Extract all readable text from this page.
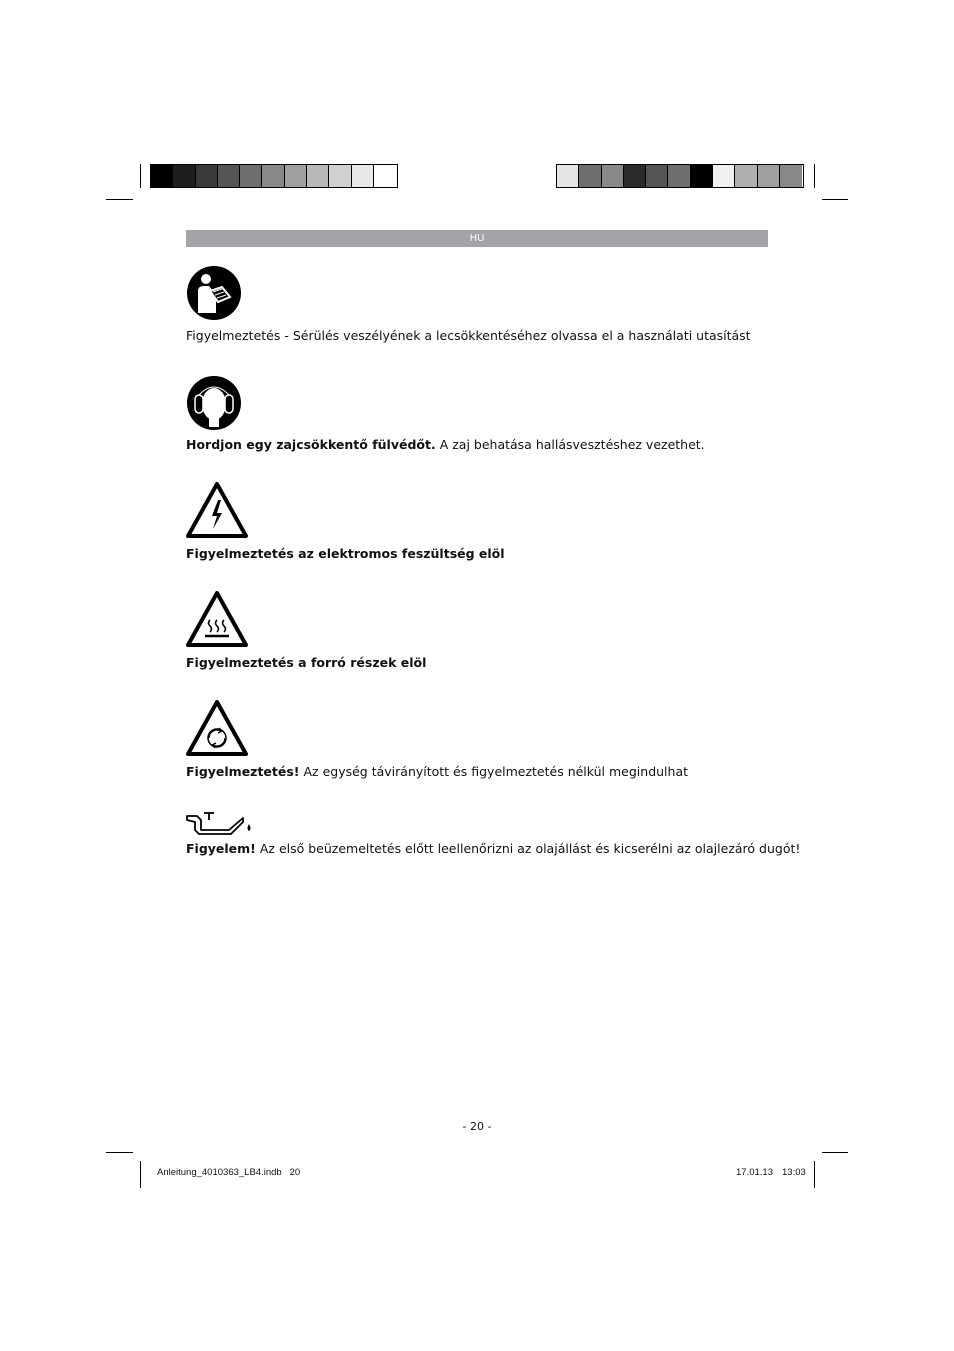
HU
Figyelmeztetés - Sérülés veszélyének a lecsökkentéséhez olvassa el a használati utasítást
Hordjon egy zajcsökkentő fülvédőt. A zaj behatása hallásvesztéshez vezethet.
Figyelmeztetés az elektromos feszültség elöl
Figyelmeztetés a forró részek elöl
Figyelmeztetés! Az egység távirányított és figyelmeztetés nélkül megindulhat
Figyelem! Az első beüzemeltetés előtt leellenőrizni az olajállást és kicserélni az olajlezáró dugót!
- 20 -
Anleitung_4010363_LB4.indb   20	17.01.13 13:03
